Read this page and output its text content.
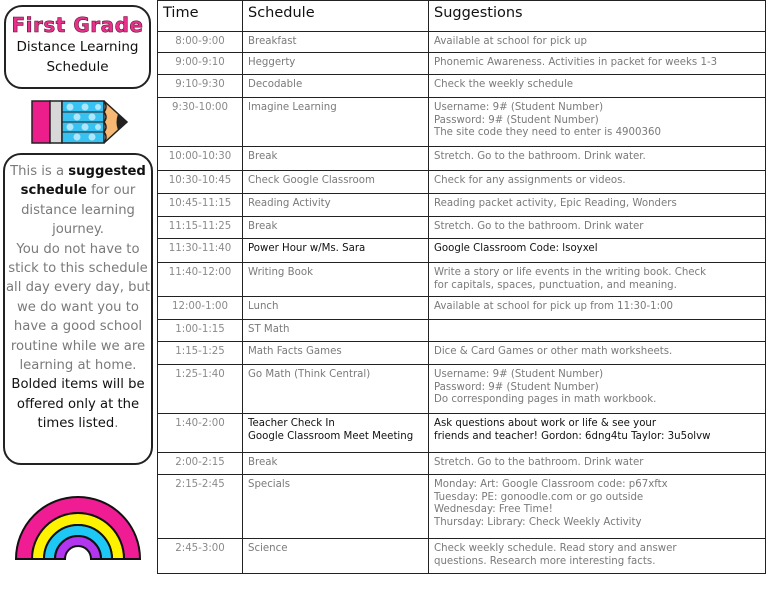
First Grade
Distance Learning
Schedule
This is a suggested schedule for our distance learning journey.
You do not have to stick to this schedule all day every day, but we do want you to have a good school routine while we are learning at home.
Bolded items will be offered only at the times listed.
Time	Schedule	Suggestions
8:00-9:00	Breakfast	Available at school for pick up

9:00-9:10	Heggerty	Phonemic Awareness. Activities in packet for weeks 1-3

9:10-9:30	Decodable	Check the weekly schedule

9:30-10:00	Imagine Learning	Username: 9# (Student Number)
Password: 9# (Student Number)
The site code they need to enter is 4900360

10:00-10:30	Break	Stretch. Go to the bathroom. Drink water.

10:30-10:45	Check Google Classroom	Check for any assignments or videos.

10:45-11:15	Reading Activity	Reading packet activity, Epic Reading, Wonders

11:15-11:25	Break	Stretch. Go to the bathroom. Drink water

11:30-11:40	Power Hour w/Ms. Sara	Google Classroom Code: lsoyxel

11:40-12:00	Writing Book	Write a story or life events in the writing book. Check
for capitals, spaces, punctuation, and meaning.

12:00-1:00	Lunch	Available at school for pick up from 11:30-1:00

1:00-1:15	ST Math	

1:15-1:25	Math Facts Games	Dice & Card Games or other math worksheets.

1:25-1:40	Go Math (Think Central)	Username: 9# (Student Number)
Password: 9# (Student Number)
Do corresponding pages in math workbook.

1:40-2:00	Teacher Check In
Google Classroom Meet Meeting	Ask questions about work or life & see your
friends and teacher! Gordon: 6dng4tu Taylor: 3u5olvw

2:00-2:15	Break	Stretch. Go to the bathroom. Drink water

2:15-2:45	Specials	Monday: Art: Google Classroom code: p67xftx
Tuesday: PE: gonoodle.com or go outside
Wednesday: Free Time!
Thursday: Library: Check Weekly Activity

2:45-3:00	Science	Check weekly schedule. Read story and answer
questions. Research more interesting facts.
